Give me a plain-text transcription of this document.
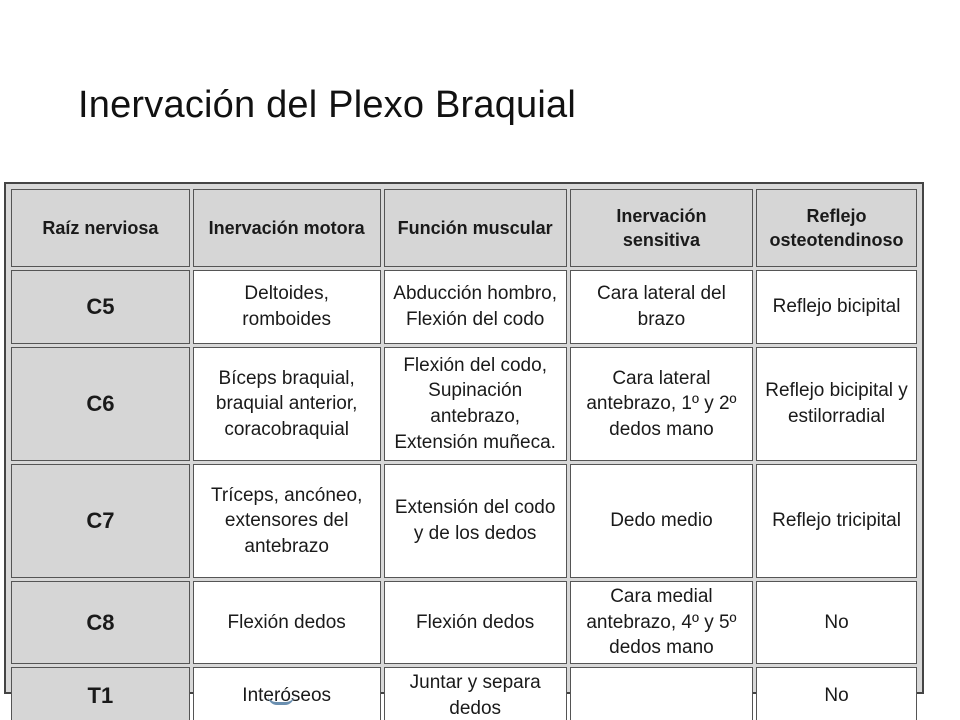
Inervación del Plexo Braquial
Raíz nerviosa	Inervación motora	Función muscular	Inervación sensitiva	Reflejo osteotendinoso
C5	Deltoides, romboides	Abducción hombro, Flexión del codo	Cara lateral del brazo	Reflejo bicipital
C6	Bíceps braquial, braquial anterior, coracobraquial	Flexión del codo, Supinación antebrazo, Extensión muñeca.	Cara lateral antebrazo, 1º y 2º dedos mano	Reflejo bicipital y estilorradial
C7	Tríceps, ancóneo, extensores del antebrazo	Extensión del codo y de los dedos	Dedo medio	Reflejo tricipital
C8	Flexión dedos	Flexión dedos	Cara medial antebrazo, 4º y 5º dedos mano	No
T1	Interóseos	Juntar y separa dedos		No
